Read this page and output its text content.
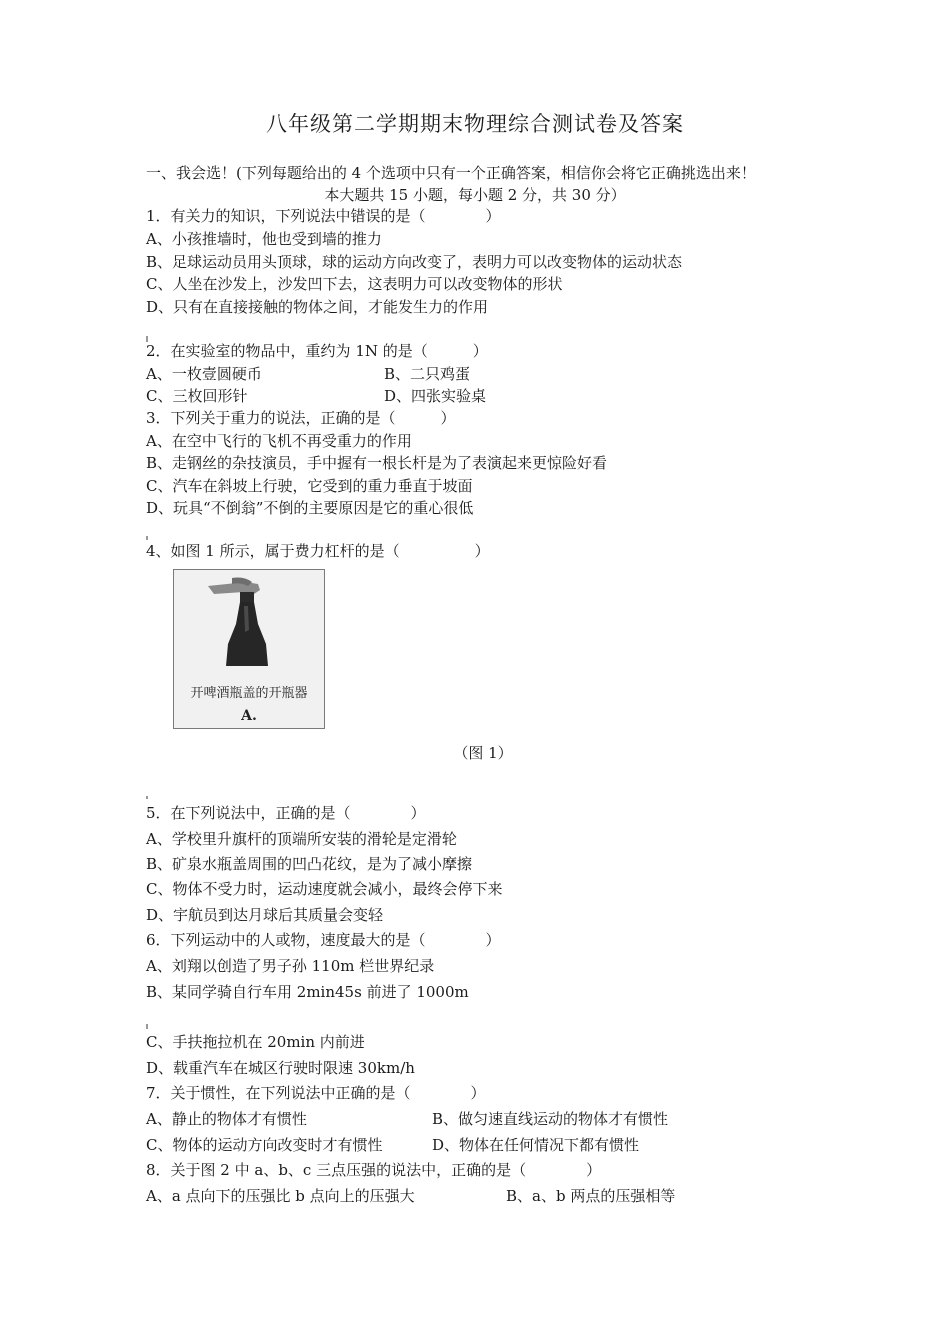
八年级第二学期期末物理综合测试卷及答案
一、我会选！(下列每题给出的 4 个选项中只有一个正确答案，相信你会将它正确挑选出来！
本大题共 15 小题，每小题 2 分，共 30 分）
1．有关力的知识，下列说法中错误的是（　　　　）
A、小孩推墙时，他也受到墙的推力
B、足球运动员用头顶球，球的运动方向改变了，表明力可以改变物体的运动状态
C、人坐在沙发上，沙发凹下去，这表明力可以改变物体的形状
D、只有在直接接触的物体之间，才能发生力的作用
2．在实验室的物品中，重约为 1N 的是（　　　）
A、一枚壹圆硬币	B、二只鸡蛋
C、三枚回形针	D、四张实验桌
3．下列关于重力的说法，正确的是（　　　）
A、在空中飞行的飞机不再受重力的作用
B、走钢丝的杂技演员，手中握有一根长杆是为了表演起来更惊险好看
C、汽车在斜坡上行驶，它受到的重力垂直于坡面
D、玩具“不倒翁”不倒的主要原因是它的重心很低
4、如图 1 所示，属于费力杠杆的是（　　　　　）
开啤酒瓶盖的开瓶器
A.
（图 1）
5．在下列说法中，正确的是（　　　　）
A、学校里升旗杆的顶端所安装的滑轮是定滑轮
B、矿泉水瓶盖周围的凹凸花纹，是为了减小摩擦
C、物体不受力时，运动速度就会减小，最终会停下来
D、宇航员到达月球后其质量会变轻
6．下列运动中的人或物，速度最大的是（　　　　）
A、刘翔以创造了男子孙 110m 栏世界纪录
B、某同学骑自行车用 2min45s 前进了 1000m
C、手扶拖拉机在 20min 内前进
D、载重汽车在城区行驶时限速 30km/h
7．关于惯性，在下列说法中正确的是（　　　　）
A、静止的物体才有惯性	B、做匀速直线运动的物体才有惯性
C、物体的运动方向改变时才有惯性	D、物体在任何情况下都有惯性
8．关于图 2 中 a、b、c 三点压强的说法中，正确的是（　　　　）
A、a 点向下的压强比 b 点向上的压强大	B、a、b 两点的压强相等
